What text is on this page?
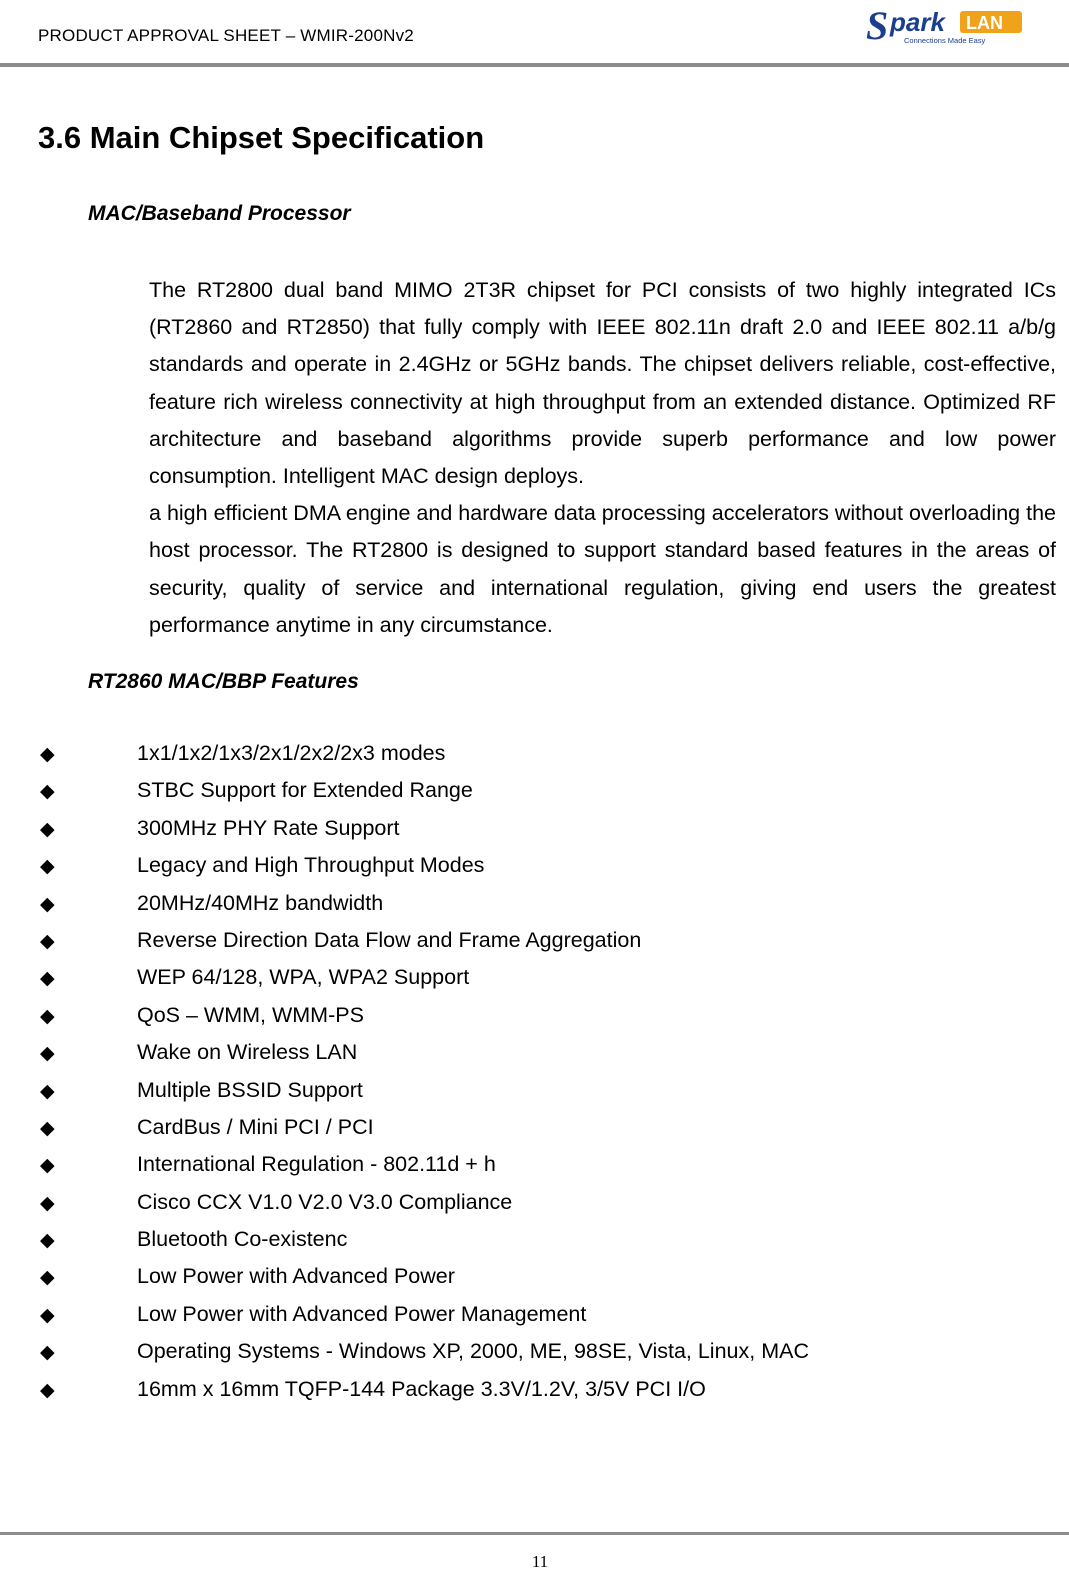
PRODUCT APPROVAL SHEET – WMIR-200Nv2	S park LAN
Connections Made Easy
3.6 Main Chipset Specification
MAC/Baseband Processor

The RT2800 dual band MIMO 2T3R chipset for PCI consists of two highly integrated ICs (RT2860 and RT2850) that fully comply with IEEE 802.11n draft 2.0 and IEEE 802.11 a/b/g standards and operate in 2.4GHz or 5GHz bands. The chipset delivers reliable, cost-effective, feature rich wireless connectivity at high throughput from an extended distance. Optimized RF architecture and baseband algorithms provide superb performance and low power consumption. Intelligent MAC design deploys.

a high efficient DMA engine and hardware data processing accelerators without overloading the host processor. The RT2800 is designed to support standard based features in the areas of security, quality of service and international regulation, giving end users the greatest performance anytime in any circumstance.

RT2860 MAC/BBP Features
◆	1x1/1x2/1x3/2x1/2x2/2x3 modes
◆	STBC Support for Extended Range
◆	300MHz PHY Rate Support
◆	Legacy and High Throughput Modes
◆	20MHz/40MHz bandwidth
◆	Reverse Direction Data Flow and Frame Aggregation
◆	WEP 64/128, WPA, WPA2 Support
◆	QoS – WMM, WMM-PS
◆	Wake on Wireless LAN
◆	Multiple BSSID Support
◆	CardBus / Mini PCI / PCI
◆	International Regulation - 802.11d + h
◆	Cisco CCX V1.0 V2.0 V3.0 Compliance
◆	Bluetooth Co-existenc
◆	Low Power with Advanced Power
◆	Low Power with Advanced Power Management
◆	Operating Systems - Windows XP, 2000, ME, 98SE, Vista, Linux, MAC
◆	16mm x 16mm TQFP-144 Package 3.3V/1.2V, 3/5V PCI I/O
11
